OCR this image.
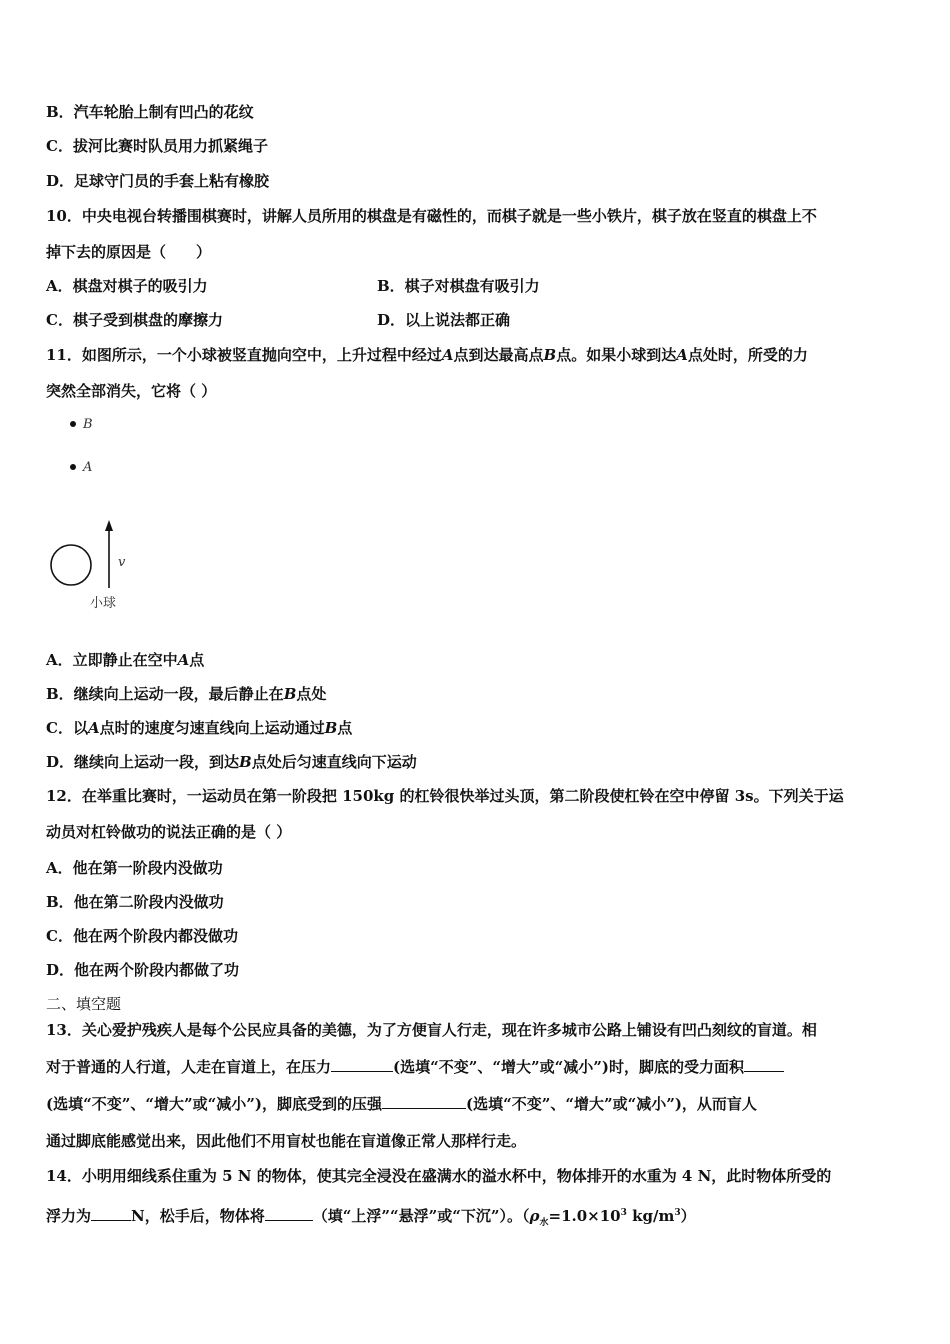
B．汽车轮胎上制有凹凸的花纹
C．拔河比赛时队员用力抓紧绳子
D．足球守门员的手套上粘有橡胶
10．中央电视台转播围棋赛时，讲解人员所用的棋盘是有磁性的，而棋子就是一些小铁片，棋子放在竖直的棋盘上不
掉下去的原因是（　　）
A．棋盘对棋子的吸引力	B．棋子对棋盘有吸引力
C．棋子受到棋盘的摩擦力	D．以上说法都正确
11．如图所示，一个小球被竖直抛向空中，上升过程中经过A点到达最高点B点。如果小球到达A点处时，所受的力
突然全部消失，它将（ ）
B
A
v
小球
A．立即静止在空中A点
B．继续向上运动一段，最后静止在B点处
C．以A点时的速度匀速直线向上运动通过B点
D．继续向上运动一段，到达B点处后匀速直线向下运动
12．在举重比赛时，一运动员在第一阶段把 150kg 的杠铃很快举过头顶，第二阶段使杠铃在空中停留 3s。下列关于运
动员对杠铃做功的说法正确的是（ ）
A．他在第一阶段内没做功
B．他在第二阶段内没做功
C．他在两个阶段内都没做功
D．他在两个阶段内都做了功
二、填空题
13．关心爱护残疾人是每个公民应具备的美德，为了方便盲人行走，现在许多城市公路上铺设有凹凸刻纹的盲道。相
对于普通的人行道，人走在盲道上，在压力	(选填“不变”、“增大”或“减小”)时，脚底的受力面积
(选填“不变”、“增大”或“减小”)，脚底受到的压强	(选填“不变”、“增大”或“减小”)，从而盲人
通过脚底能感觉出来，因此他们不用盲杖也能在盲道像正常人那样行走。
14．小明用细线系住重为 5 N 的物体，使其完全浸没在盛满水的溢水杯中，物体排开的水重为 4 N，此时物体所受的
浮力为	N，松手后，物体将	（填“上浮”“悬浮”或“下沉”）。（$\rho_水=1.0\times 10^3$ $kg/m^3$）
